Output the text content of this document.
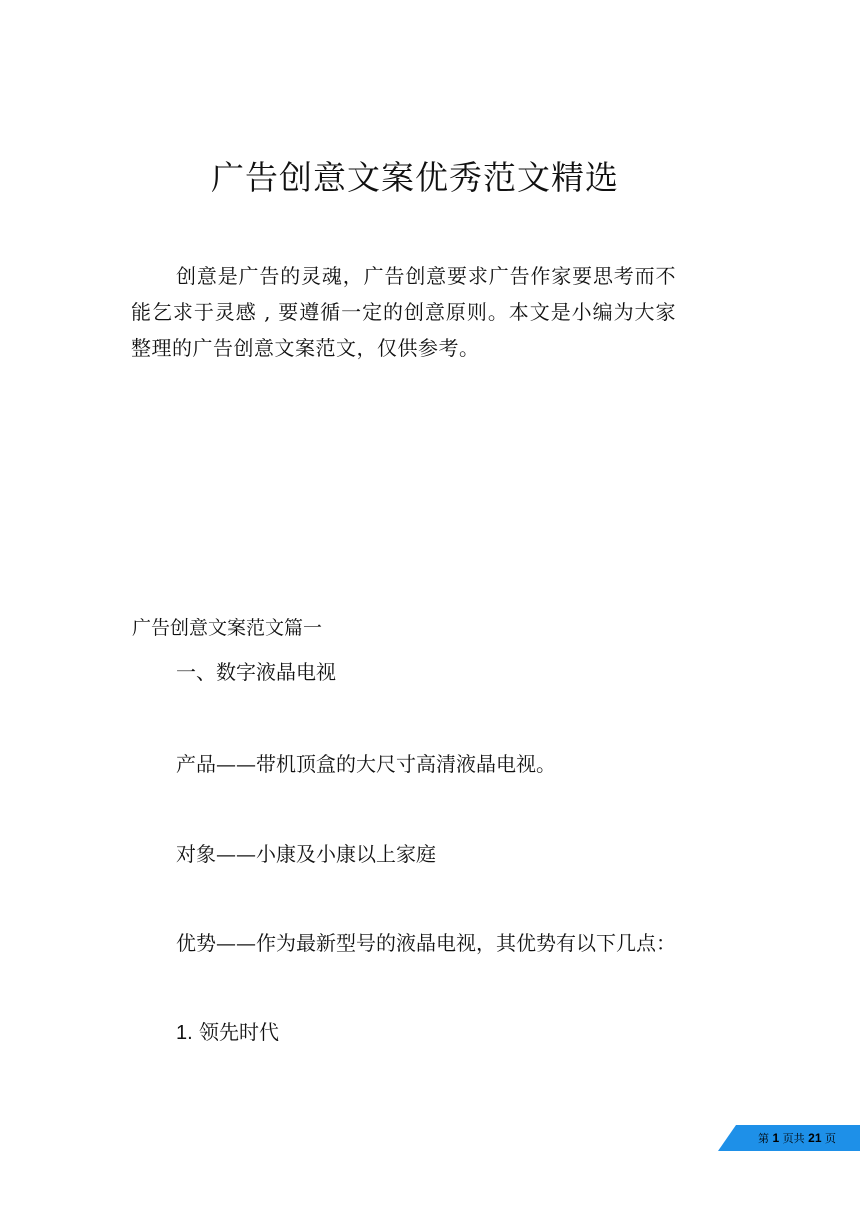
广告创意文案优秀范文精选

创意是广告的灵魂，广告创意要求广告作家要思考而不能乞求于灵感 , 要遵循一定的创意原则。本文是小编为大家整理的广告创意文案范文，仅供参考。

广告创意文案范文篇一
一、数字液晶电视
产品——带机顶盒的大尺寸高清液晶电视。
对象——小康及小康以上家庭
优势——作为最新型号的液晶电视，其优势有以下几点：
1. 领先时代
第 1 页共 21 页
